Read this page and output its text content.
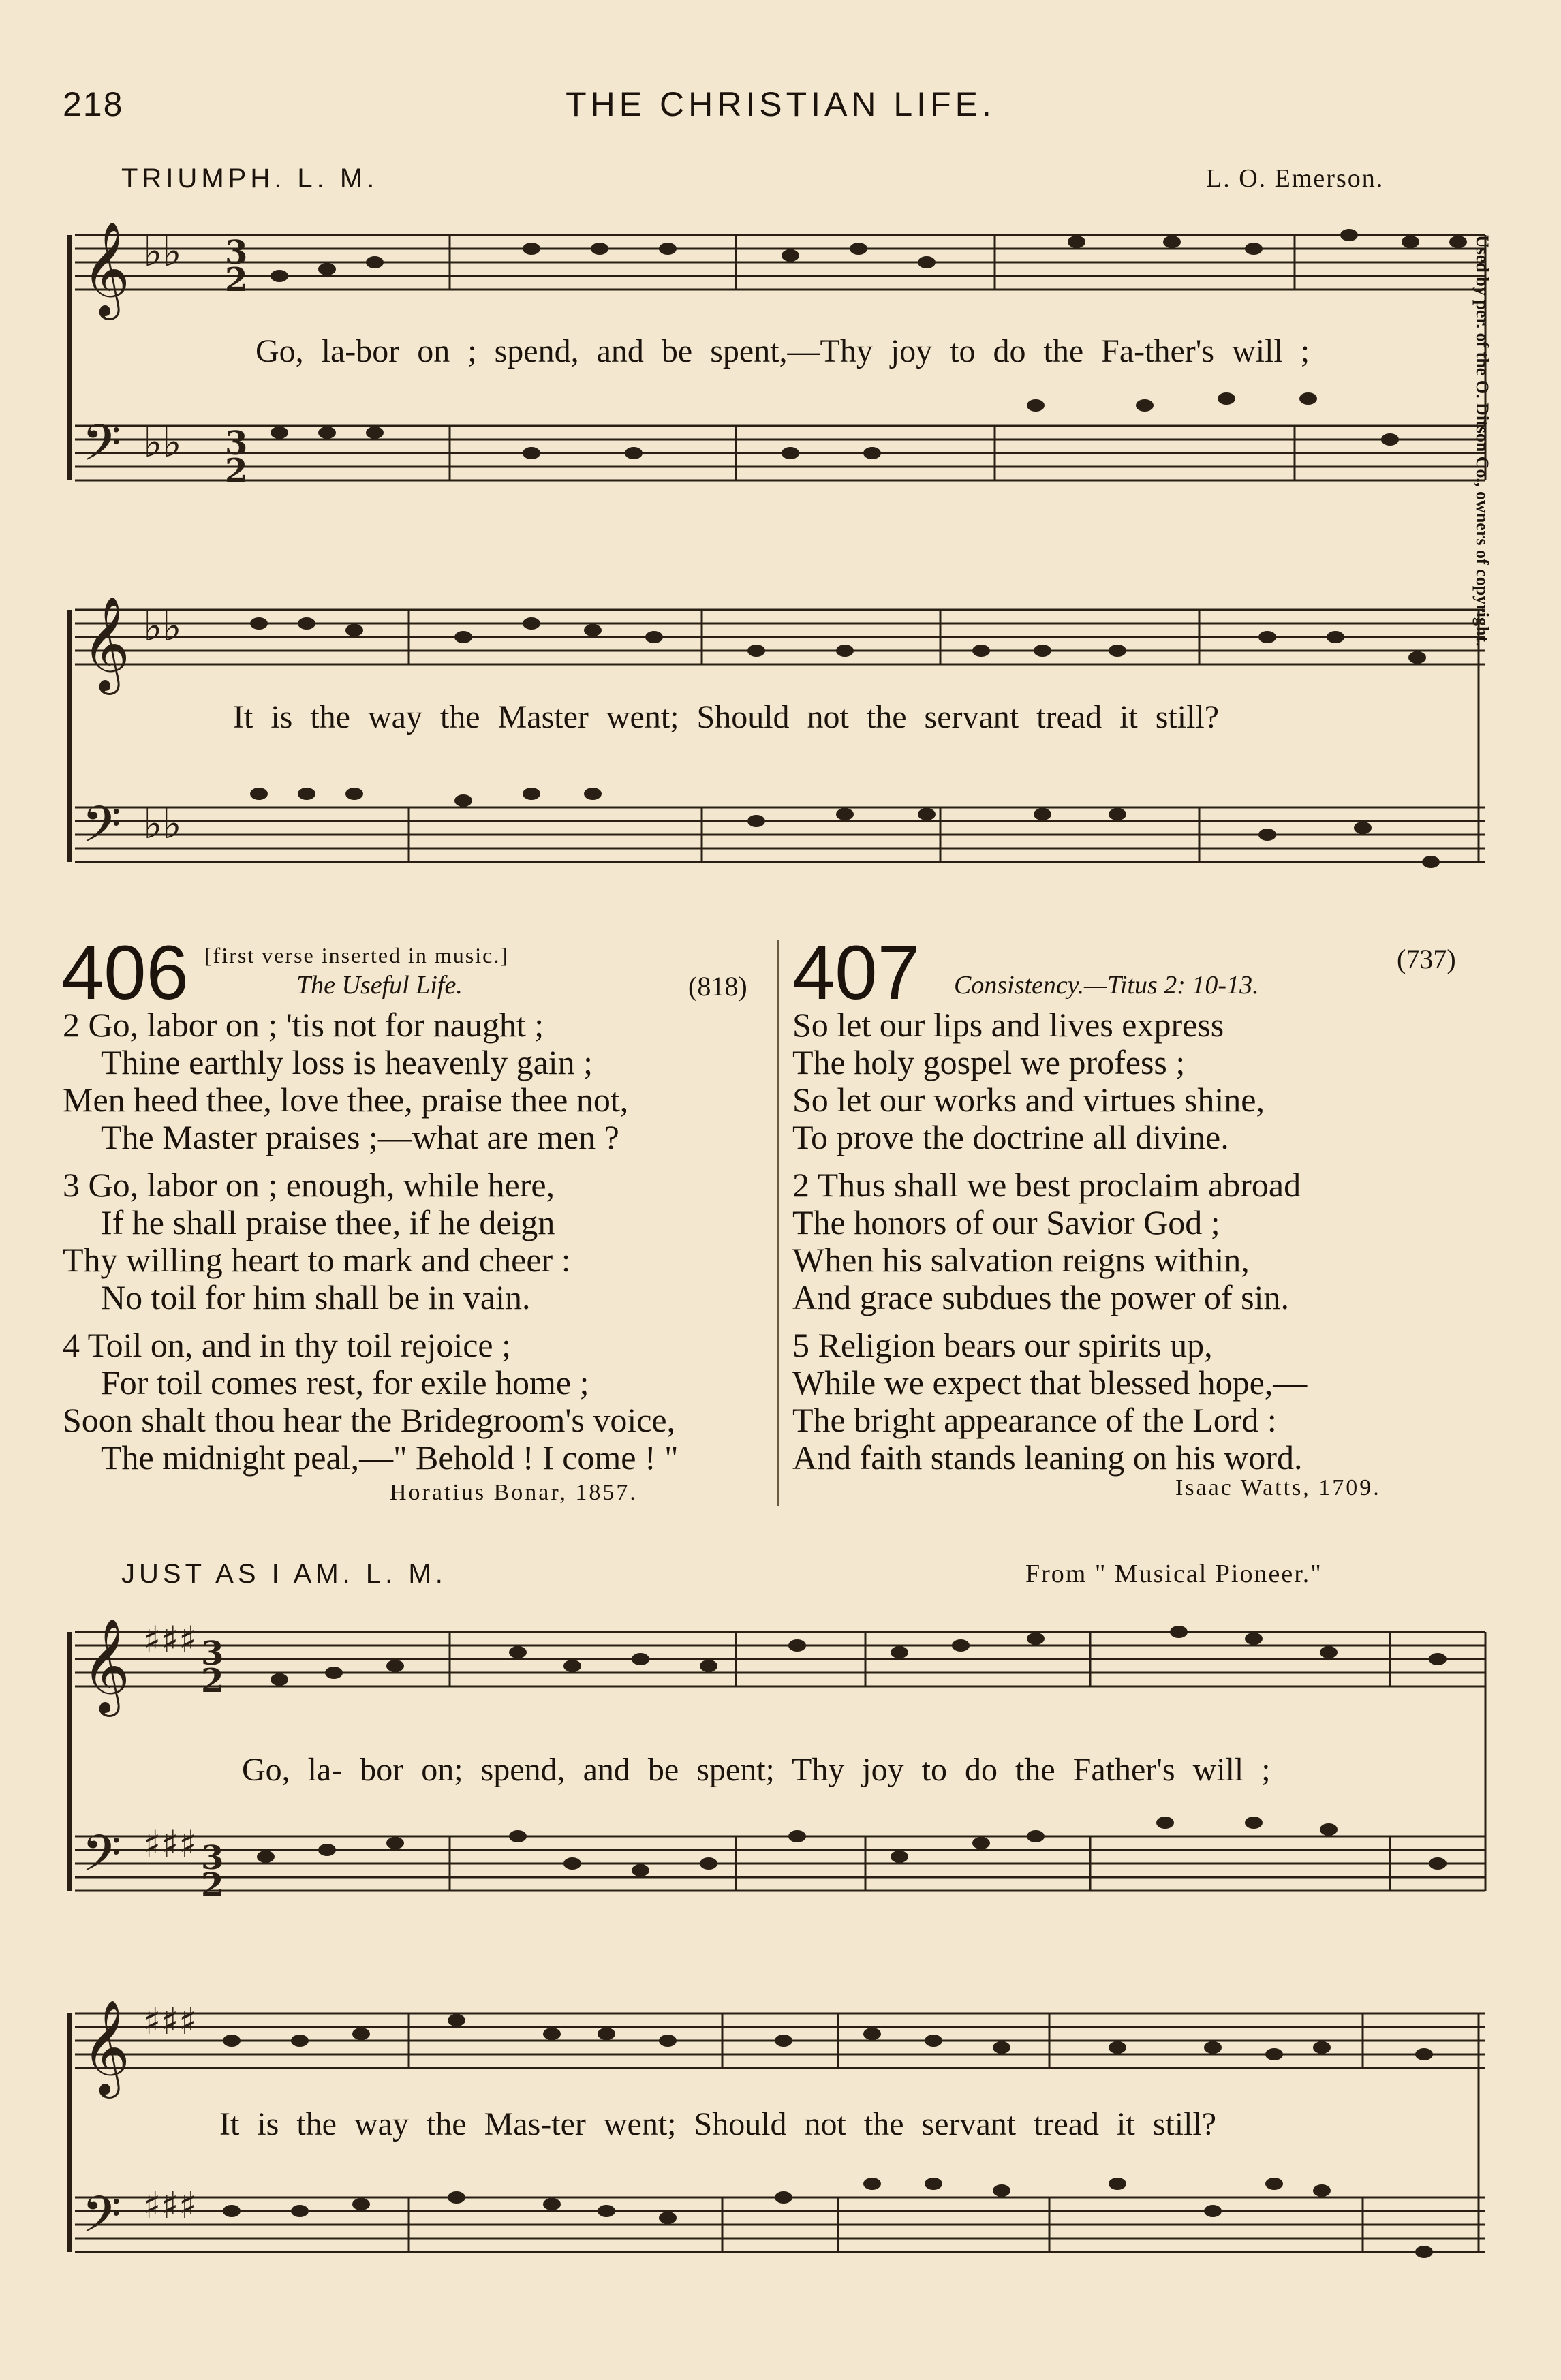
218	THE CHRISTIAN LIFE.
TRIUMPH. L. M.	L. O. Emerson.
Used by per. of the O. Ditson Co., owners of copyright.
𝄞
𝄢
𝄞
𝄢
♭♭
♭♭
♭♭
♭♭
3
2
3
2
Go, la-bor on ; spend, and be spent,—Thy joy to do the Fa-ther's will ;
It is the way the Master went; Should not the servant tread it still?
406 [first verse inserted in music.]
The Useful Life.	(818)
2 Go, labor on ; 'tis not for naught ;
Thine earthly loss is heavenly gain ;
Men heed thee, love thee, praise thee not,
The Master praises ;—what are men ?
3 Go, labor on ; enough, while here,
If he shall praise thee, if he deign
Thy willing heart to mark and cheer :
No toil for him shall be in vain.
4 Toil on, and in thy toil rejoice ;
For toil comes rest, for exile home ;
Soon shalt thou hear the Bridegroom's voice,
The midnight peal,—" Behold ! I come ! "
Horatius Bonar, 1857.
407 Consistency.—Titus 2: 10-13.
(737)
So let our lips and lives express
The holy gospel we profess ;
So let our works and virtues shine,
To prove the doctrine all divine.
2 Thus shall we best proclaim abroad
The honors of our Savior God ;
When his salvation reigns within,
And grace subdues the power of sin.
5 Religion bears our spirits up,
While we expect that blessed hope,—
The bright appearance of the Lord :
And faith stands leaning on his word.
Isaac Watts, 1709.
JUST AS I AM. L. M.	From " Musical Pioneer."
𝄞
𝄢
𝄞
𝄢
♯♯♯
♯♯♯
♯♯♯
♯♯♯
3
2
3
2
Go, la- bor on; spend, and be spent; Thy joy to do the Father's will ;
It is the way the Mas-ter went; Should not the servant tread it still?
